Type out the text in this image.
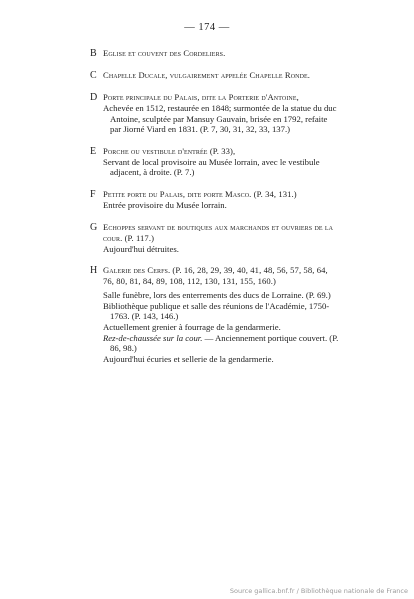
— 174 —
B Eglise et couvent des Cordeliers.
C Chapelle Ducale, vulgairement appelée Chapelle Ronde.
D Porte principale du Palais, dite la Porterie d'Antoine,
Achevée en 1512, restaurée en 1848; surmontée de la statue du duc Antoine, sculptée par Mansuy Gauvain, brisée en 1792, refaite par Jiorné Viard en 1831. (P. 7, 30, 31, 32, 33, 137.)
E Porche ou vestibule d'entrée (P. 33),
Servant de local provisoire au Musée lorrain, avec le vestibule adjacent, à droite. (P. 7.)
F Petite porte du Palais, dite porte Masco. (P. 34, 131.)
Entrée provisoire du Musée lorrain.
G Echoppes servant de boutiques aux marchands et ouvriers de la cour. (P. 117.)
Aujourd'hui détruites.
H Galerie des Cerfs. (P. 16, 28, 29, 39, 40, 41, 48, 56, 57, 58, 64, 76, 80, 81, 84, 89, 108, 112, 130, 131, 155, 160.)
Salle funèbre, lors des enterrements des ducs de Lorraine. (P. 69.)
Bibliothèque publique et salle des réunions de l'Académie, 1750-1763. (P. 143, 146.)
Actuellement grenier à fourrage de la gendarmerie.
Rez-de-chaussée sur la cour. — Anciennement portique couvert. (P. 86, 98.)
Aujourd'hui écuries et sellerie de la gendarmerie.
Source gallica.bnf.fr / Bibliothèque nationale de France
